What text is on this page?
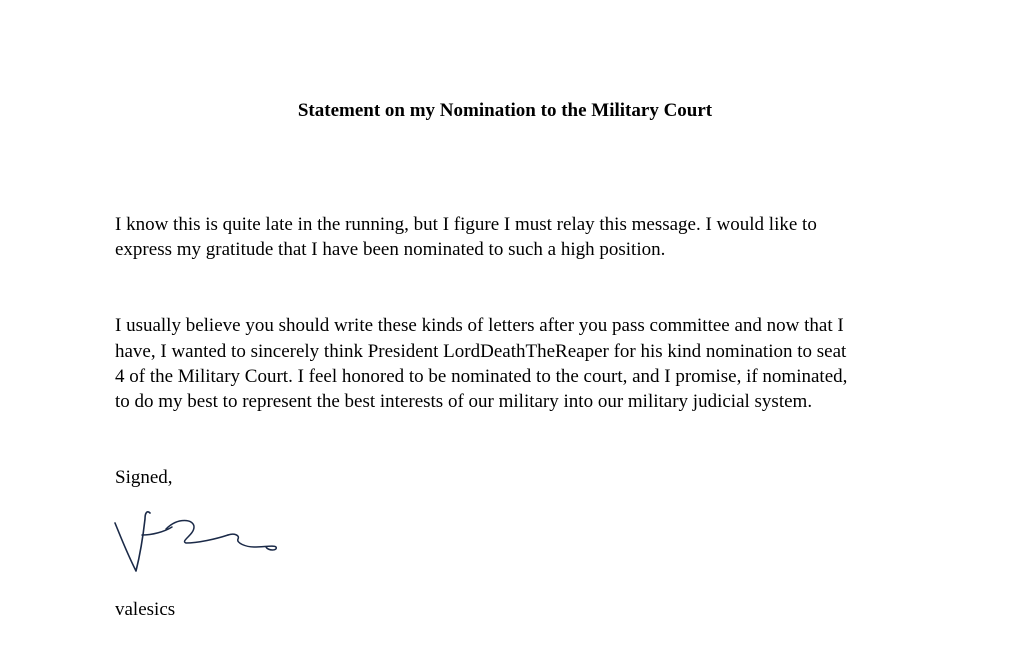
Statement on my Nomination to the Military Court
I know this is quite late in the running, but I figure I must relay this message. I would like to
express my gratitude that I have been nominated to such a high position.
I usually believe you should write these kinds of letters after you pass committee and now that I
have, I wanted to sincerely think President LordDeathTheReaper for his kind nomination to seat
4 of the Military Court. I feel honored to be nominated to the court, and I promise, if nominated,
to do my best to represent the best interests of our military into our military judicial system.
Signed,
valesics
